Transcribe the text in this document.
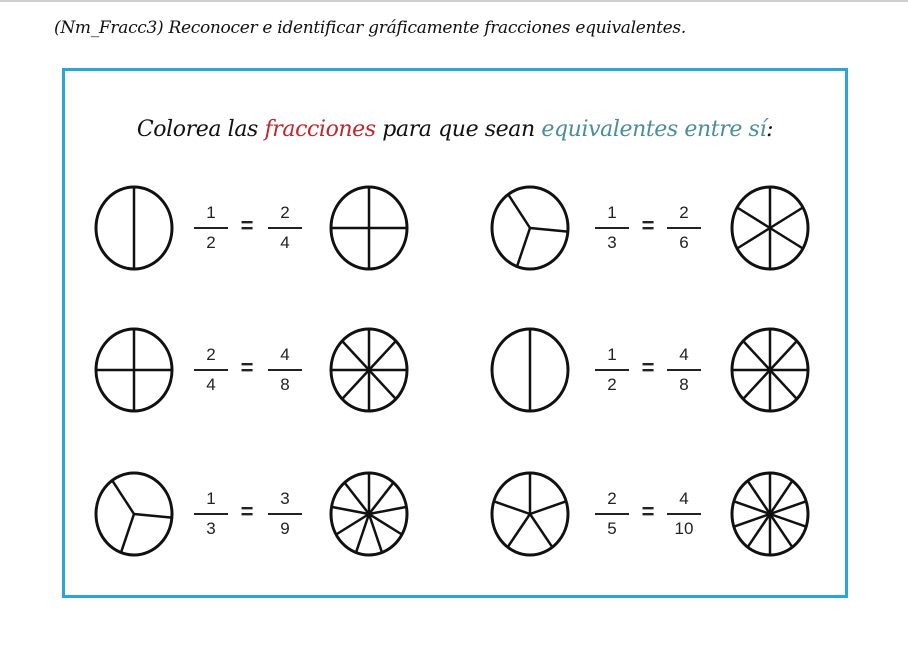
(Nm_Fracc3) Reconocer e identificar gráficamente fracciones equivalentes.
Colorea las fracciones para que sean equivalentes entre sí:
1
2
2
4
=
1
3
2
6
=
2
4
4
8
=
1
2
4
8
=
1
3
3
9
=
2
5
4
10
=
